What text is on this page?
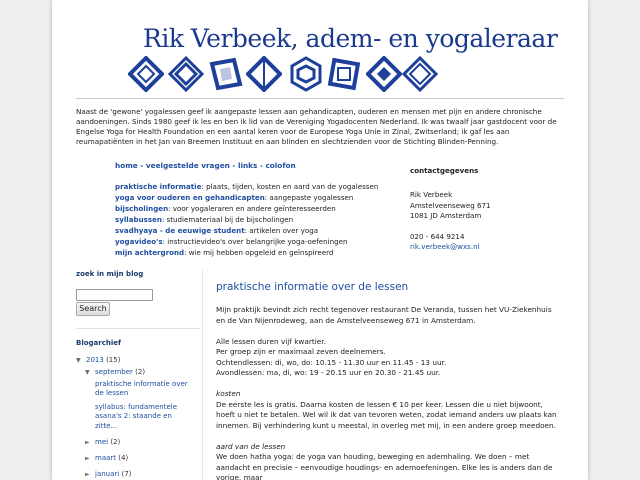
Rik Verbeek, adem- en yogaleraar

Naast de 'gewone' yogalessen geef ik aangepaste lessen aan gehandicapten, ouderen en mensen met pijn en andere chronische aandoeningen. Sinds 1980 geef ik les en ben ik lid van de Vereniging Yogadocenten Nederland. Ik was twaalf jaar gastdocent voor de Engelse Yoga for Health Foundation en een aantal keren voor de Europese Yoga Unie in Zinal, Zwitserland; ik gaf les aan reumapatiënten in het Jan van Breemen Instituut en aan blinden en slechtzienden voor de Stichting Blinden-Penning.

home - veelgestelde vragen - links - colofon
praktische informatie: plaats, tijden, kosten en aard van de yogalessen
yoga voor ouderen en gehandicapten: aangepaste yogalessen
bijscholingen: voor yogaleraren en andere geïnteresseerden
syllabussen: studiemateriaal bij de bijscholingen
svadhyaya - de eeuwige student: artikelen over yoga
yogavideo's: instructievideo's over belangrijke yoga-oefeningen
mijn achtergrond: wie mij hebben opgeleid en geïnspireerd
contactgegevens
Rik Verbeek
Amstelveenseweg 671
1081 JD Amsterdam
020 - 644 9214
rik.verbeek@wxs.nl
zoek in mijn blog
Search
Blogarchief
▼ 2013 (15)
▼ september (2)
praktische informatie over de lessen
syllabus: fundamentele asana's 2: staande en zitte...
► mei (2)
► maart (4)
► januari (7)
praktische informatie over de lessen

Mijn praktijk bevindt zich recht tegenover restaurant De Veranda, tussen het VU-Ziekenhuis en de Van Nijenrodeweg, aan de Amstelveenseweg 671 in Amsterdam.

Alle lessen duren vijf kwartier.
Per groep zijn er maximaal zeven deelnemers.
Ochtendlessen: di, wo, do: 10.15 - 11.30 uur en 11.45 - 13 uur.
Avondlessen: ma, di, wo: 19 - 20.15 uur en 20.30 - 21.45 uur.

kosten

De eerste les is gratis. Daarna kosten de lessen € 10 per keer. Lessen die u niet bijwoont, hoeft u niet te betalen. Wel wil ik dat van tevoren weten, zodat iemand anders uw plaats kan innemen. Bij verhindering kunt u meestal, in overleg met mij, in een andere groep meedoen.

aard van de lessen

We doen hatha yoga: de yoga van houding, beweging en ademhaling. We doen – met aandacht en precisie – eenvoudige houdings- en ademoefeningen. Elke les is anders dan de vorige, maar
